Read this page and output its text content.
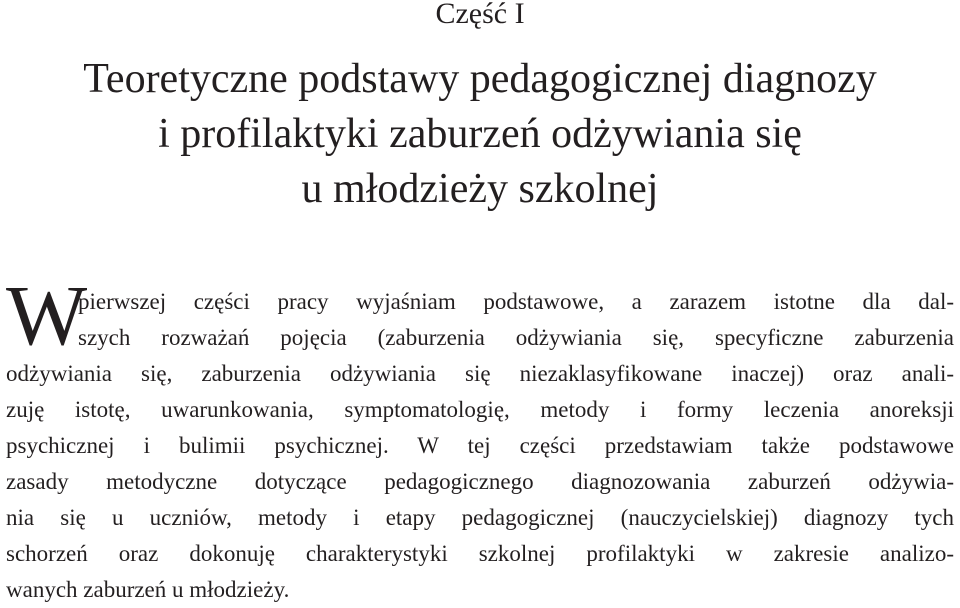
Część I
Teoretyczne podstawy pedagogicznej diagnozy
i profilaktyki zaburzeń odżywiania się
u młodzieży szkolnej
W
pierwszej części pracy wyjaśniam podstawowe, a zarazem istotne dla dal-
szych rozważań pojęcia (zaburzenia odżywiania się, specyficzne zaburzenia
odżywiania się, zaburzenia odżywiania się niezaklasyfikowane inaczej) oraz anali-
zuję istotę, uwarunkowania, symptomatologię, metody i formy leczenia anoreksji
psychicznej i bulimii psychicznej. W tej części przedstawiam także podstawowe
zasady metodyczne dotyczące pedagogicznego diagnozowania zaburzeń odżywia-
nia się u uczniów, metody i etapy pedagogicznej (nauczycielskiej) diagnozy tych
schorzeń oraz dokonuję charakterystyki szkolnej profilaktyki w zakresie analizo-
wanych zaburzeń u młodzieży.
